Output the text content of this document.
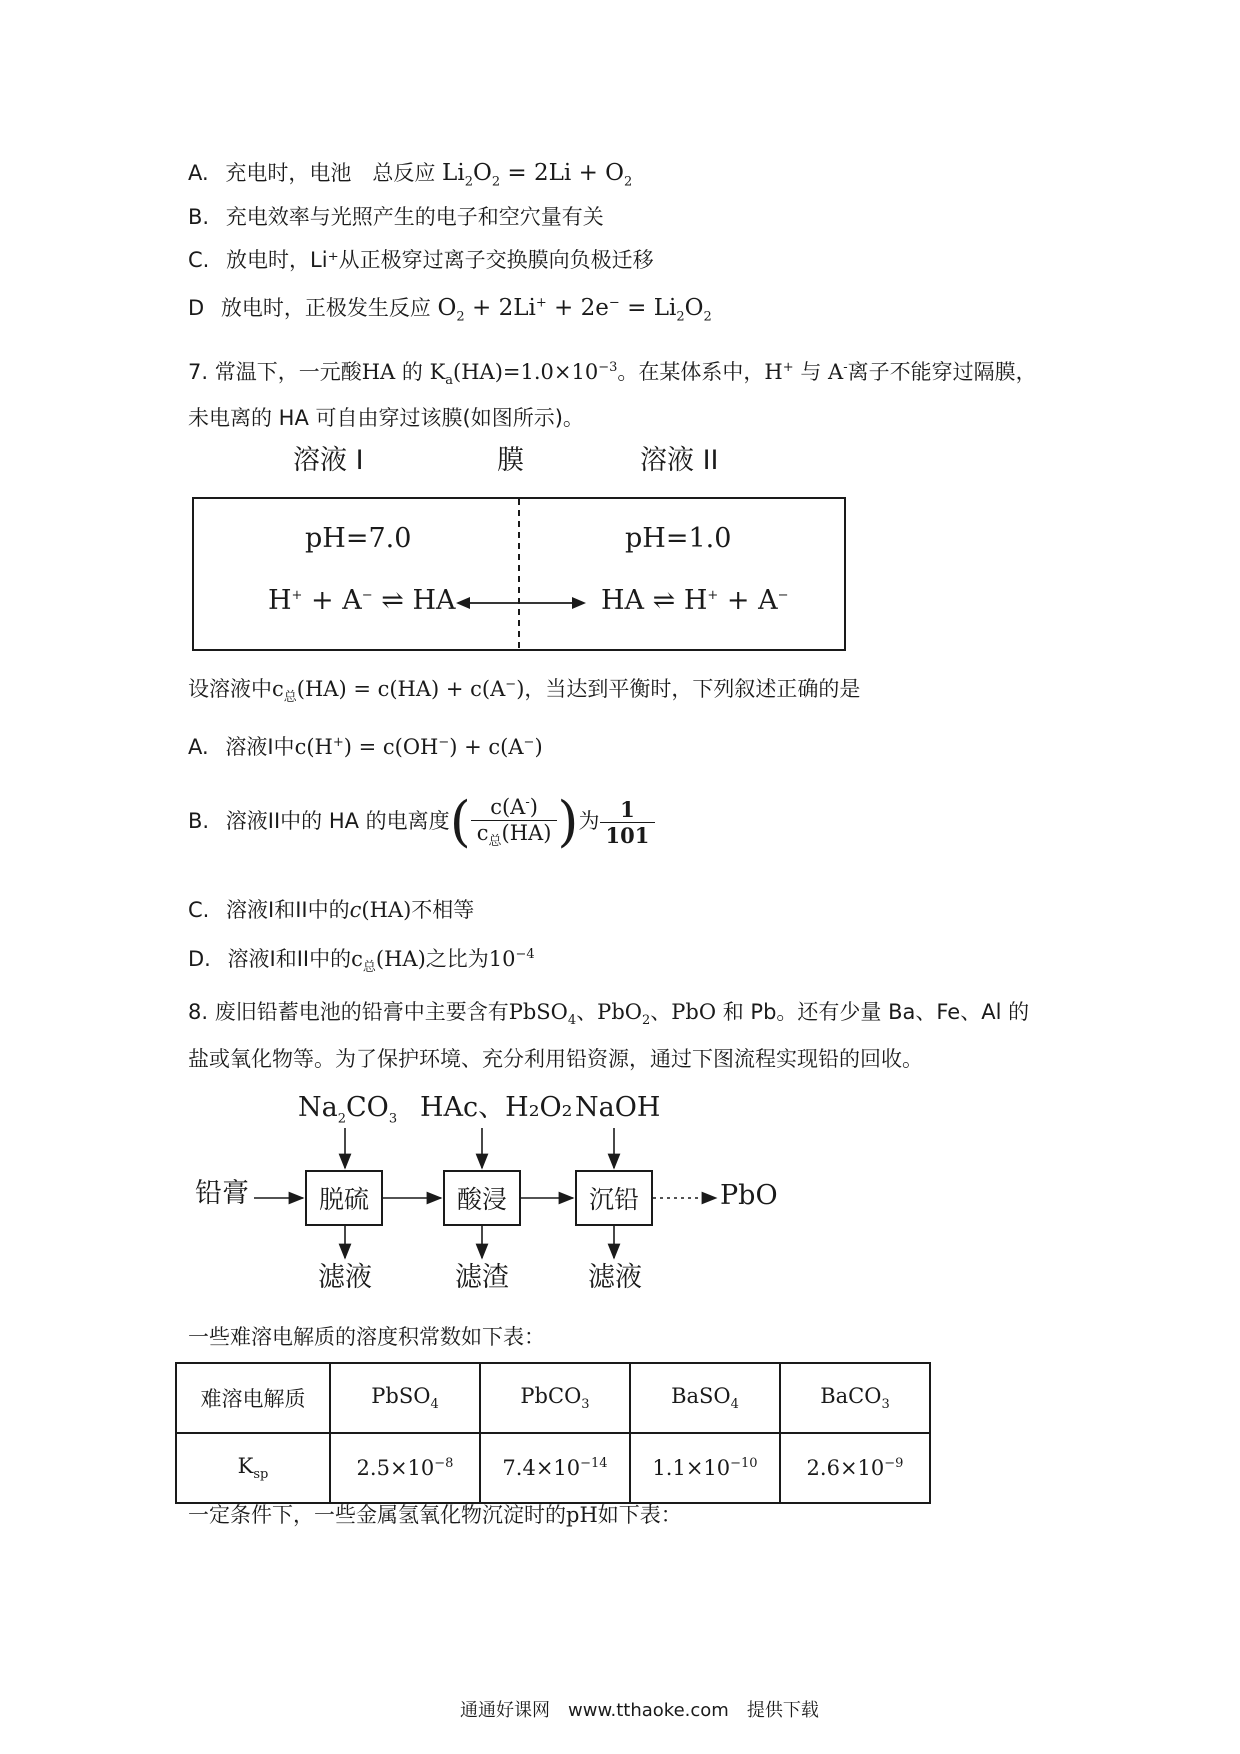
A. 充电时，电池　总反应 $Li_2O_2 = 2Li + O_2$
B. 充电效率与光照产生的电子和空穴量有关
C. 放电时，Li⁺从正极穿过离子交换膜向负极迁移
D 放电时，正极发生反应 $O_2 + 2Li^+ + 2e^- = Li_2O_2$
7. 常温下，一元酸HA 的 $K_a(HA)=1.0\times 10^{-3}$。在某体系中，H+ 与 A-离子不能穿过隔膜，
未电离的 HA 可自由穿过该膜(如图所示)。
溶液 I	膜	溶液 II
pH=7.0	pH=1.0
H+ + A− ⇌ HA	HA ⇌ H+ + A−
设溶液中$c_总(HA) = c(HA) + c(A^-)$，当达到平衡时，下列叙述正确的是
A. 溶液I中c(H+) = c(OH−) + c(A−)
B. 溶液II中的 HA 的电离度( $\frac{c(A^-)}{c_总(HA)}$ )为 $\frac{1}{101}$
C. 溶液I和II中的c(HA)不相等
D. 溶液I和II中的$c_总(HA)$之比为$10^{-4}$
8. 废旧铅蓄电池的铅膏中主要含有PbSO$_4$、PbO$_2$、PbO 和 Pb。还有少量 Ba、Fe、Al 的
盐或氧化物等。为了保护环境、充分利用铅资源，通过下图流程实现铅的回收。
$Na_2CO_3$ HAc、H₂O₂ NaOH
铅膏	脱硫	酸浸	沉铅	PbO
滤液	滤渣	滤液
一些难溶电解质的溶度积常数如下表：
难溶电解质	PbSO$_4$	PbCO$_3$	BaSO$_4$	BaCO$_3$
$K_{sp}$	$2.5\times 10^{-8}$	$7.4\times 10^{-14}$	$1.1\times 10^{-10}$	$2.6\times 10^{-9}$
一定条件下，一些金属氢氧化物沉淀时的pH如下表：
通通好课网　www.tthaoke.com　提供下载
